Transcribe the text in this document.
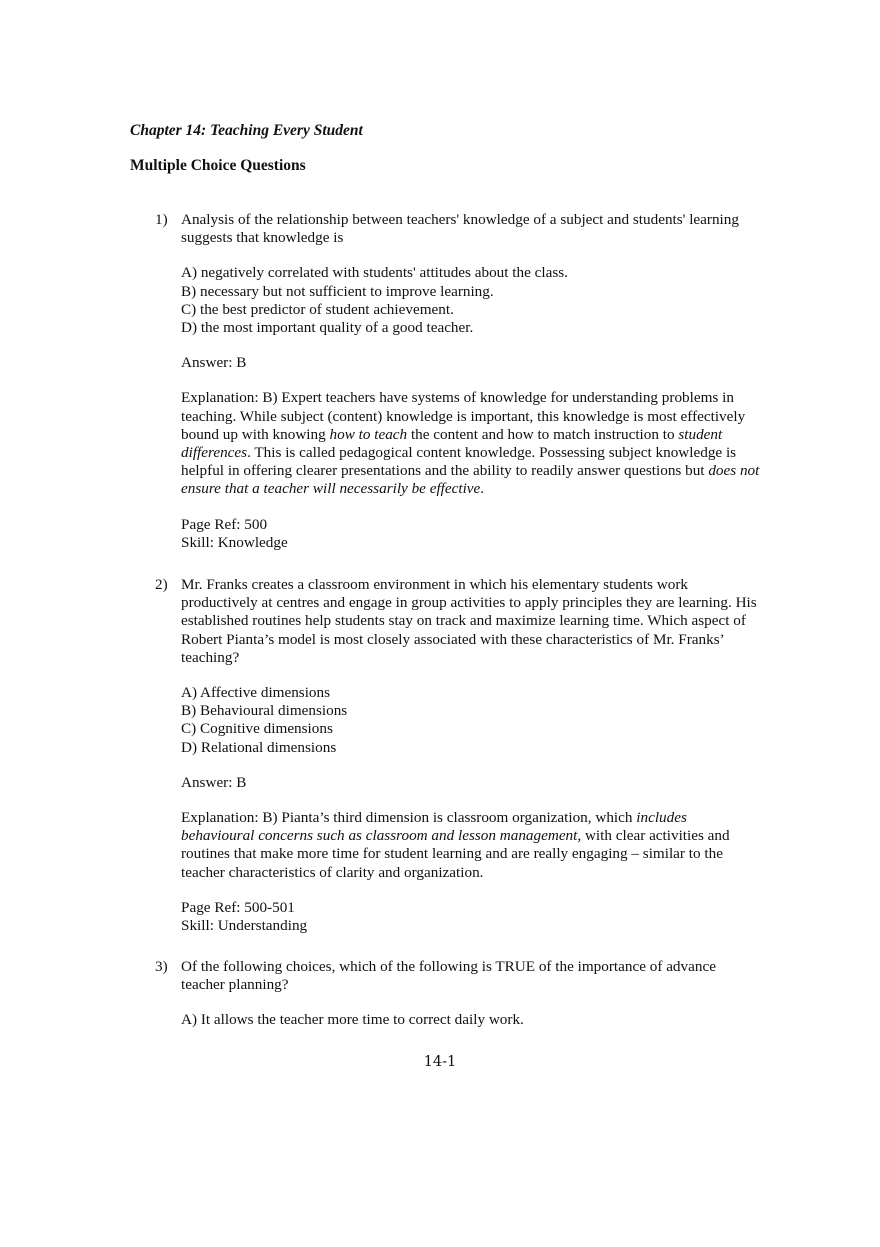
Chapter 14: Teaching Every Student
Multiple Choice Questions
1) Analysis of the relationship between teachers' knowledge of a subject and students' learning suggests that knowledge is

A) negatively correlated with students' attitudes about the class.
B) necessary but not sufficient to improve learning.
C) the best predictor of student achievement.
D) the most important quality of a good teacher.

Answer: B

Explanation: B) Expert teachers have systems of knowledge for understanding problems in teaching. While subject (content) knowledge is important, this knowledge is most effectively bound up with knowing how to teach the content and how to match instruction to student differences. This is called pedagogical content knowledge. Possessing subject knowledge is helpful in offering clearer presentations and the ability to readily answer questions but does not ensure that a teacher will necessarily be effective.

Page Ref: 500
Skill: Knowledge
2) Mr. Franks creates a classroom environment in which his elementary students work productively at centres and engage in group activities to apply principles they are learning. His established routines help students stay on track and maximize learning time. Which aspect of Robert Pianta’s model is most closely associated with these characteristics of Mr. Franks’ teaching?

A) Affective dimensions
B) Behavioural dimensions
C) Cognitive dimensions
D) Relational dimensions

Answer: B

Explanation: B) Pianta’s third dimension is classroom organization, which includes behavioural concerns such as classroom and lesson management, with clear activities and routines that make more time for student learning and are really engaging – similar to the teacher characteristics of clarity and organization.

Page Ref: 500-501
Skill: Understanding
3) Of the following choices, which of the following is TRUE of the importance of advance teacher planning?

A) It allows the teacher more time to correct daily work.
14-1
